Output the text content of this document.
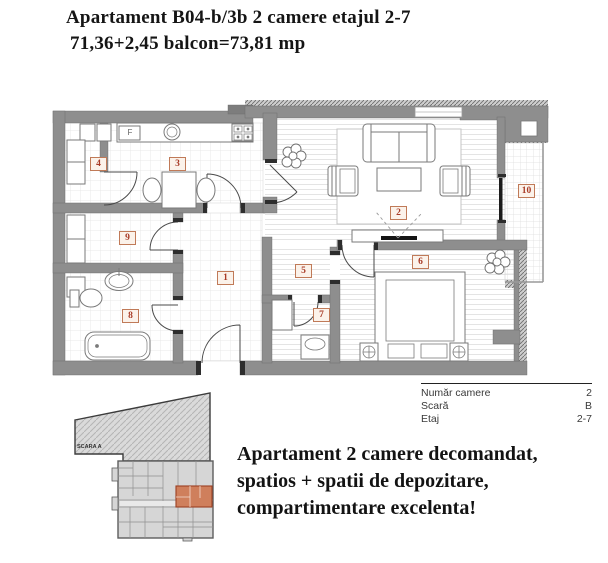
Apartament B04-b/3b 2 camere etajul 2-7
71,36+2,45 balcon=73,81 mp
1
2
3
4
5
6
7
8
9
10
F
SCARA A
Număr camere	2
Scară	B
Etaj	2-7
Apartament 2 camere decomandat,
spatios + spatii de depozitare,
compartimentare excelenta!
